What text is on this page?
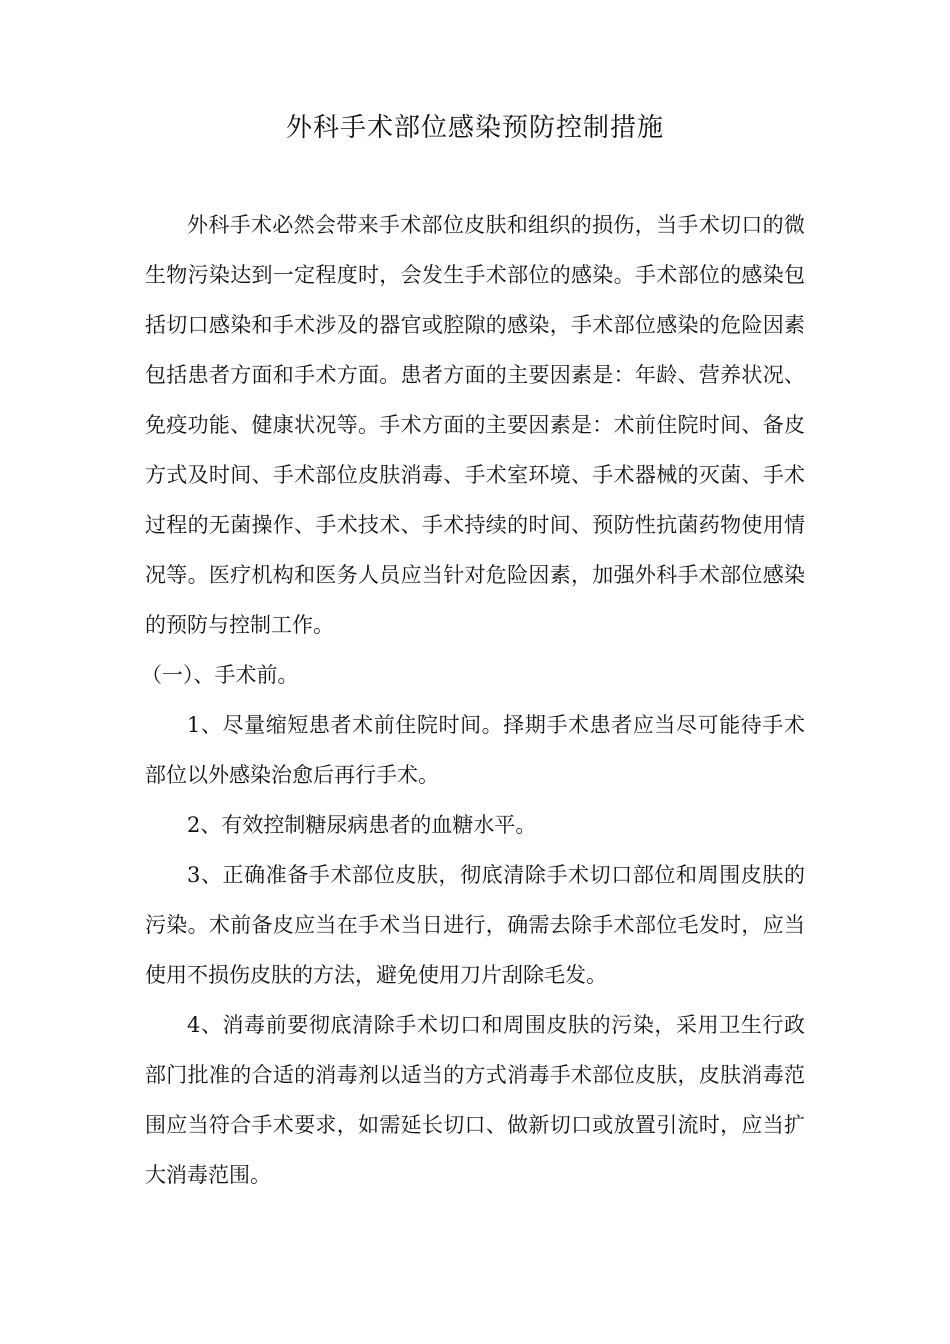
外科手术部位感染预防控制措施

外科手术必然会带来手术部位皮肤和组织的损伤，当手术切口的微生物污染达到一定程度时，会发生手术部位的感染。手术部位的感染包括切口感染和手术涉及的器官或腔隙的感染，手术部位感染的危险因素包括患者方面和手术方面。患者方面的主要因素是：年龄、营养状况、免疫功能、健康状况等。手术方面的主要因素是：术前住院时间、备皮方式及时间、手术部位皮肤消毒、手术室环境、手术器械的灭菌、手术过程的无菌操作、手术技术、手术持续的时间、预防性抗菌药物使用情况等。医疗机构和医务人员应当针对危险因素，加强外科手术部位感染的预防与控制工作。

（一）、手术前。

1、尽量缩短患者术前住院时间。择期手术患者应当尽可能待手术部位以外感染治愈后再行手术。

2、有效控制糖尿病患者的血糖水平。

3、正确准备手术部位皮肤，彻底清除手术切口部位和周围皮肤的污染。术前备皮应当在手术当日进行，确需去除手术部位毛发时，应当使用不损伤皮肤的方法，避免使用刀片刮除毛发。

4、消毒前要彻底清除手术切口和周围皮肤的污染，采用卫生行政部门批准的合适的消毒剂以适当的方式消毒手术部位皮肤，皮肤消毒范围应当符合手术要求，如需延长切口、做新切口或放置引流时，应当扩大消毒范围。
